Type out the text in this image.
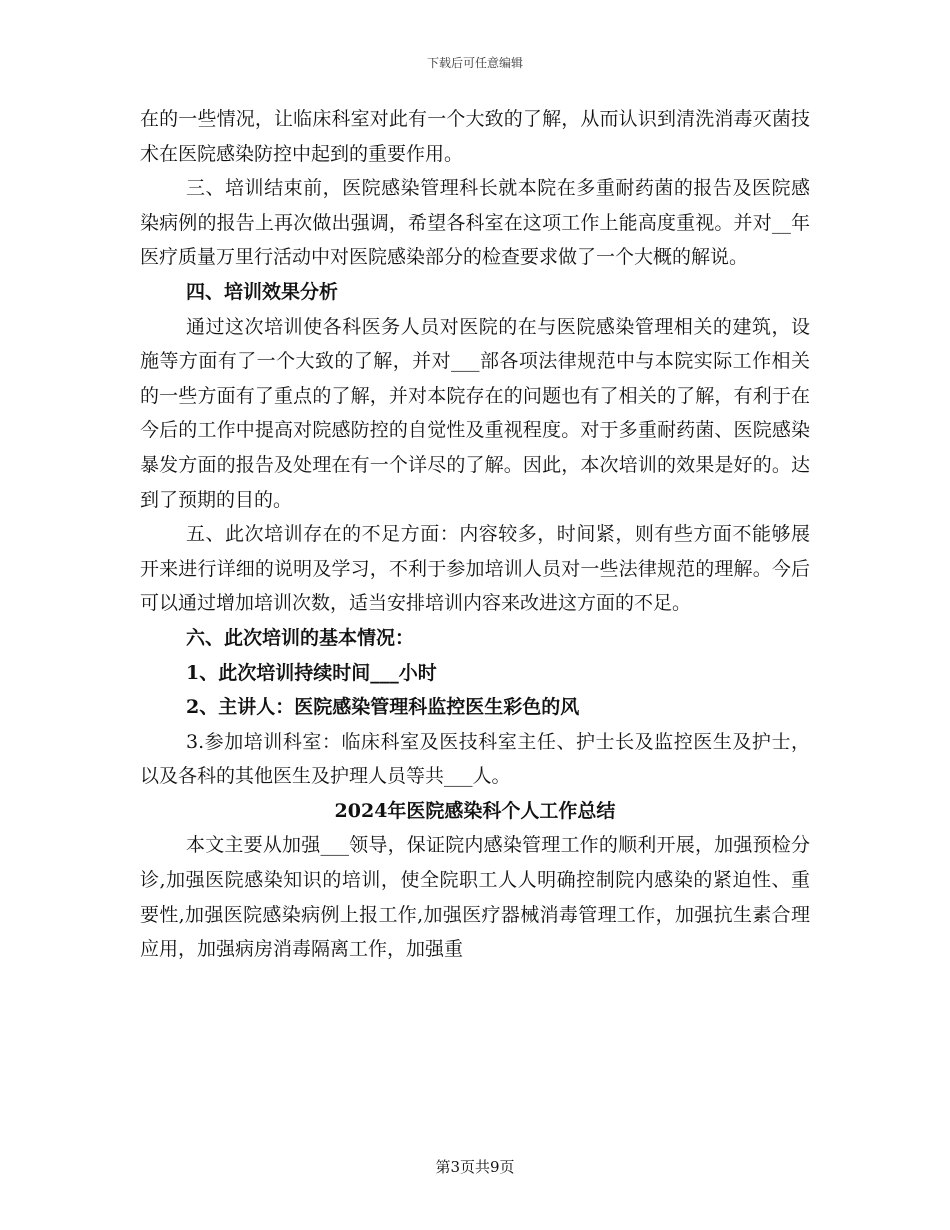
下载后可任意编辑

在的一些情况，让临床科室对此有一个大致的了解，从而认识到清洗消毒灭菌技术在医院感染防控中起到的重要作用。

三、培训结束前，医院感染管理科长就本院在多重耐药菌的报告及医院感染病例的报告上再次做出强调，希望各科室在这项工作上能高度重视。并对__年医疗质量万里行活动中对医院感染部分的检查要求做了一个大概的解说。

四、培训效果分析

通过这次培训使各科医务人员对医院的在与医院感染管理相关的建筑，设施等方面有了一个大致的了解，并对___部各项法律规范中与本院实际工作相关的一些方面有了重点的了解，并对本院存在的问题也有了相关的了解，有利于在今后的工作中提高对院感防控的自觉性及重视程度。对于多重耐药菌、医院感染暴发方面的报告及处理在有一个详尽的了解。因此，本次培训的效果是好的。达到了预期的目的。

五、此次培训存在的不足方面：内容较多，时间紧，则有些方面不能够展开来进行详细的说明及学习，不利于参加培训人员对一些法律规范的理解。今后可以通过增加培训次数，适当安排培训内容来改进这方面的不足。

六、此次培训的基本情况：

1、此次培训持续时间___小时

2、主讲人：医院感染管理科监控医生彩色的风

3.参加培训科室：临床科室及医技科室主任、护士长及监控医生及护士，以及各科的其他医生及护理人员等共___人。

2024年医院感染科个人工作总结

本文主要从加强___领导，保证院内感染管理工作的顺利开展，加强预检分诊,加强医院感染知识的培训，使全院职工人人明确控制院内感染的紧迫性、重要性,加强医院感染病例上报工作,加强医疗器械消毒管理工作，加强抗生素合理应用，加强病房消毒隔离工作，加强重

第3页共9页
